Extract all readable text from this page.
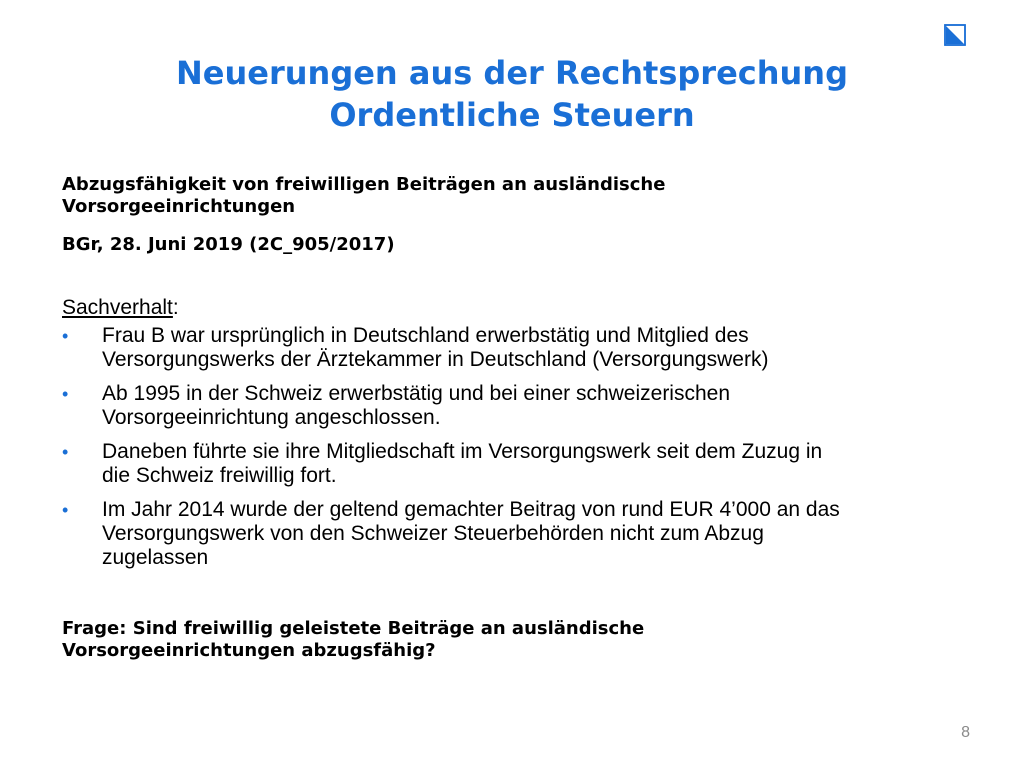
Neuerungen aus der Rechtsprechung
Ordentliche Steuern
Abzugsfähigkeit von freiwilligen Beiträgen an ausländische
Vorsorgeeinrichtungen
BGr, 28. Juni 2019 (2C_905/2017)
Sachverhalt:
• Frau B war ursprünglich in Deutschland erwerbstätig und Mitglied des
Versorgungswerks der Ärztekammer in Deutschland (Versorgungswerk)
• Ab 1995 in der Schweiz erwerbstätig und bei einer schweizerischen
Vorsorgeeinrichtung angeschlossen.
• Daneben führte sie ihre Mitgliedschaft im Versorgungswerk seit dem Zuzug in
die Schweiz freiwillig fort.
• Im Jahr 2014 wurde der geltend gemachter Beitrag von rund EUR 4’000 an das
Versorgungswerk von den Schweizer Steuerbehörden nicht zum Abzug
zugelassen
Frage: Sind freiwillig geleistete Beiträge an ausländische
Vorsorgeeinrichtungen abzugsfähig?
8
